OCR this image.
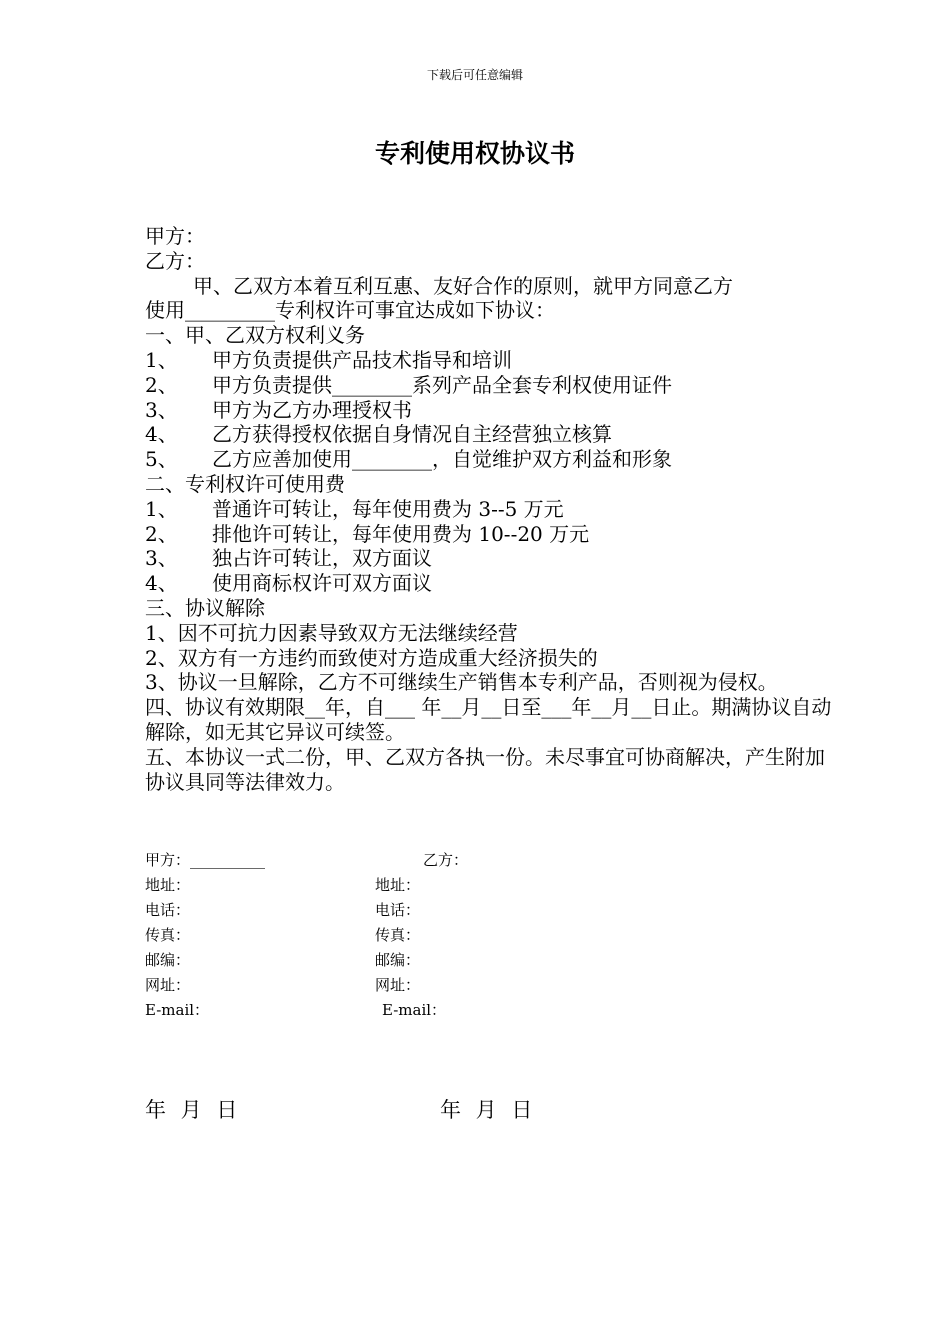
下载后可任意编辑
专利使用权协议书
甲方：
乙方：
甲、乙双方本着互利互惠、友好合作的原则，就甲方同意乙方
使用_________专利权许可事宜达成如下协议：
一、甲、乙双方权利义务
1、 甲方负责提供产品技术指导和培训
2、 甲方负责提供________系列产品全套专利权使用证件
3、 甲方为乙方办理授权书
4、 乙方获得授权依据自身情况自主经营独立核算
5、 乙方应善加使用________，自觉维护双方利益和形象
二、专利权许可使用费
1、 普通许可转让，每年使用费为 3--5 万元
2、 排他许可转让，每年使用费为 10--20 万元
3、 独占许可转让，双方面议
4、 使用商标权许可双方面议
三、协议解除
1、因不可抗力因素导致双方无法继续经营
2、双方有一方违约而致使对方造成重大经济损失的
3、协议一旦解除，乙方不可继续生产销售本专利产品，否则视为侵权。
四、协议有效期限__年，自___ 年__月__日至___年__月__日止。期满协议自动解除，如无其它异议可续签。
五、本协议一式二份，甲、乙双方各执一份。未尽事宜可协商解决，产生附加协议具同等法律效力。
甲方：__________	乙方：
地址：	地址：
电话：	电话：
传真：	传真：
邮编：	邮编：
网址：	网址：
E-mail：	E-mail：
年 月 日	年 月 日
